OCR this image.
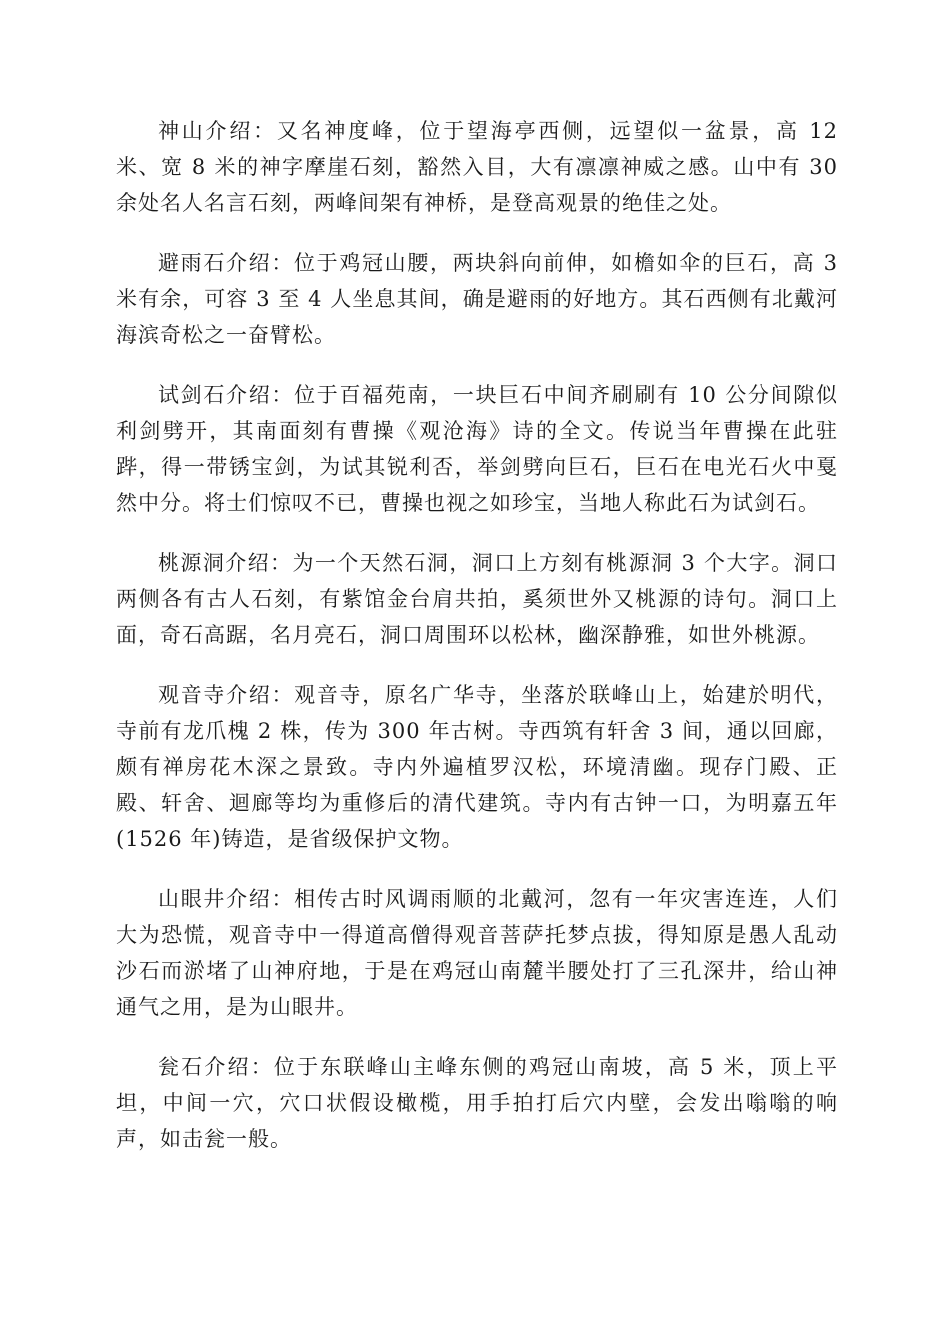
神山介绍：又名神度峰，位于望海亭西侧，远望似一盆景，高 12 米、宽 8 米的神字摩崖石刻，豁然入目，大有凛凛神威之感。山中有 30 余处名人名言石刻，两峰间架有神桥，是登高观景的绝佳之处。

避雨石介绍：位于鸡冠山腰，两块斜向前伸，如檐如伞的巨石，高 3 米有余，可容 3 至 4 人坐息其间，确是避雨的好地方。其石西侧有北戴河海滨奇松之一奋臂松。

试剑石介绍：位于百福苑南，一块巨石中间齐刷刷有 10 公分间隙似利剑劈开，其南面刻有曹操《观沧海》诗的全文。传说当年曹操在此驻跸，得一带锈宝剑，为试其锐利否，举剑劈向巨石，巨石在电光石火中戛然中分。将士们惊叹不已，曹操也视之如珍宝，当地人称此石为试剑石。

桃源洞介绍：为一个天然石洞，洞口上方刻有桃源洞 3 个大字。洞口两侧各有古人石刻，有紫馆金台肩共拍，奚须世外又桃源的诗句。洞口上面，奇石高踞，名月亮石，洞口周围环以松林，幽深静雅，如世外桃源。

观音寺介绍：观音寺，原名广华寺，坐落於联峰山上，始建於明代，寺前有龙爪槐 2 株，传为 300 年古树。寺西筑有轩舍 3 间，通以回廊，颇有禅房花木深之景致。寺内外遍植罗汉松，环境清幽。现存门殿、正殿、轩舍、迴廊等均为重修后的清代建筑。寺内有古钟一口，为明嘉五年(1526 年)铸造，是省级保护文物。

山眼井介绍：相传古时风调雨顺的北戴河，忽有一年灾害连连，人们大为恐慌，观音寺中一得道高僧得观音菩萨托梦点拔，得知原是愚人乱动沙石而淤堵了山神府地，于是在鸡冠山南麓半腰处打了三孔深井，给山神通气之用，是为山眼井。

瓮石介绍：位于东联峰山主峰东侧的鸡冠山南坡，高 5 米，顶上平坦，中间一穴，穴口状假设橄榄，用手拍打后穴内壁，会发出嗡嗡的响声，如击瓮一般。
